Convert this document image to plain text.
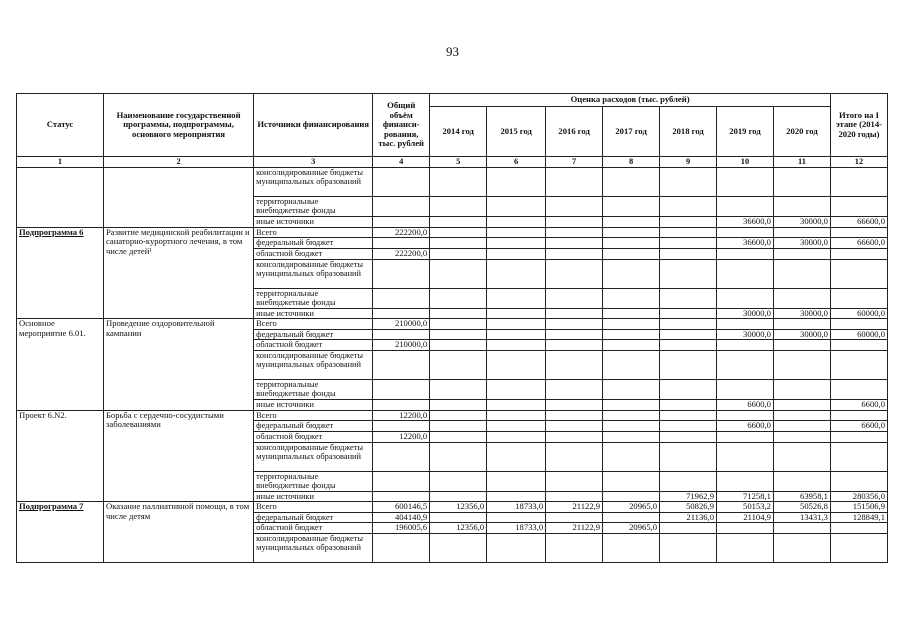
93
Статус	Наименование государственной программы, подпрограммы, основного мероприятия	Источники финансирования	Общий объём финанси-рования, тыс. рублей	Оценка расходов (тыс. рублей)							Итого на I этапе (2014-2020 годы)
				2014 год	2015 год	2016 год	2017 год	2018 год	2019 год	2020 год	
1	2	3	4	5	6	7	8	9	10	11	12
		консолидированные бюджеты муниципальных образований									
		территориальные внебюджетные фонды									
		иные источники							36600,0	30000,0	66600,0
Подпрограмма 6	Развитие медицинской реабилитации и санаторно-курортного лечения, в том числе детей¹	Всего	222200,0								
		федеральный бюджет							36600,0	30000,0	66600,0
		областной бюджет	222200,0								
		консолидированные бюджеты муниципальных образований									
		территориальные внебюджетные фонды									
		иные источники							30000,0	30000,0	60000,0
Основное мероприятие 6.01.	Проведение оздоровительной кампании	Всего	210000,0								
		федеральный бюджет							30000,0	30000,0	60000,0
		областной бюджет	210000,0								
		консолидированные бюджеты муниципальных образований									
		территориальные внебюджетные фонды									
		иные источники							6600,0		6600,0
Проект 6.N2.	Борьба с сердечно-сосудистыми заболеваниями	Всего	12200,0								
		федеральный бюджет							6600,0		6600,0
		областной бюджет	12200,0								
		консолидированные бюджеты муниципальных образований									
		территориальные внебюджетные фонды									
		иные источники						71962,9	71258,1	63958,1	280356,0
Подпрограмма 7	Оказание паллиативной помощи, в том числе детям	Всего	600146,5	12356,0	18733,0	21122,9	20965,0	50826,9	50153,2	50526,8	151506,9
		федеральный бюджет	404140,9					21136,0	21104,9	13431,3	128849,1
		областной бюджет	196005,6	12356,0	18733,0	21122,9	20965,0				
		консолидированные бюджеты муниципальных образований									
